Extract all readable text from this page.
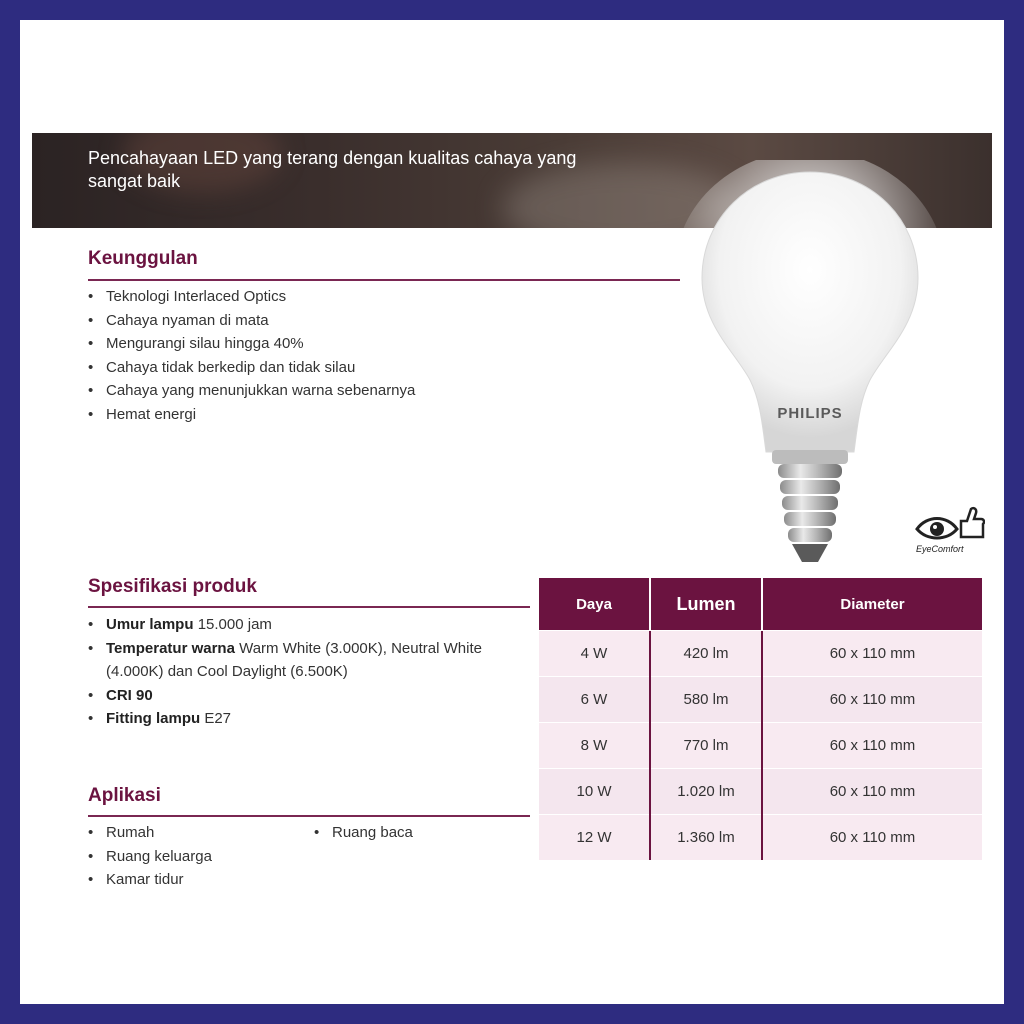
Pencahayaan LED yang terang dengan kualitas cahaya yang sangat baik
PHILIPS
EyeComfort
Keunggulan
• Teknologi Interlaced Optics
• Cahaya nyaman di mata
• Mengurangi silau hingga 40%
• Cahaya tidak berkedip dan tidak silau
• Cahaya yang menunjukkan warna sebenarnya
• Hemat energi
Spesifikasi produk
• Umur lampu 15.000 jam
• Temperatur warna Warm White (3.000K), Neutral White (4.000K) dan Cool Daylight (6.500K)
• CRI 90
• Fitting lampu E27
Daya	Lumen	Diameter
4 W	420 lm	60 x 110 mm
6 W	580 lm	60 x 110 mm
8 W	770 lm	60 x 110 mm
10 W	1.020 lm	60 x 110 mm
12 W	1.360 lm	60 x 110 mm
Aplikasi
• Rumah
• Ruang keluarga
• Kamar tidur
• Ruang baca
